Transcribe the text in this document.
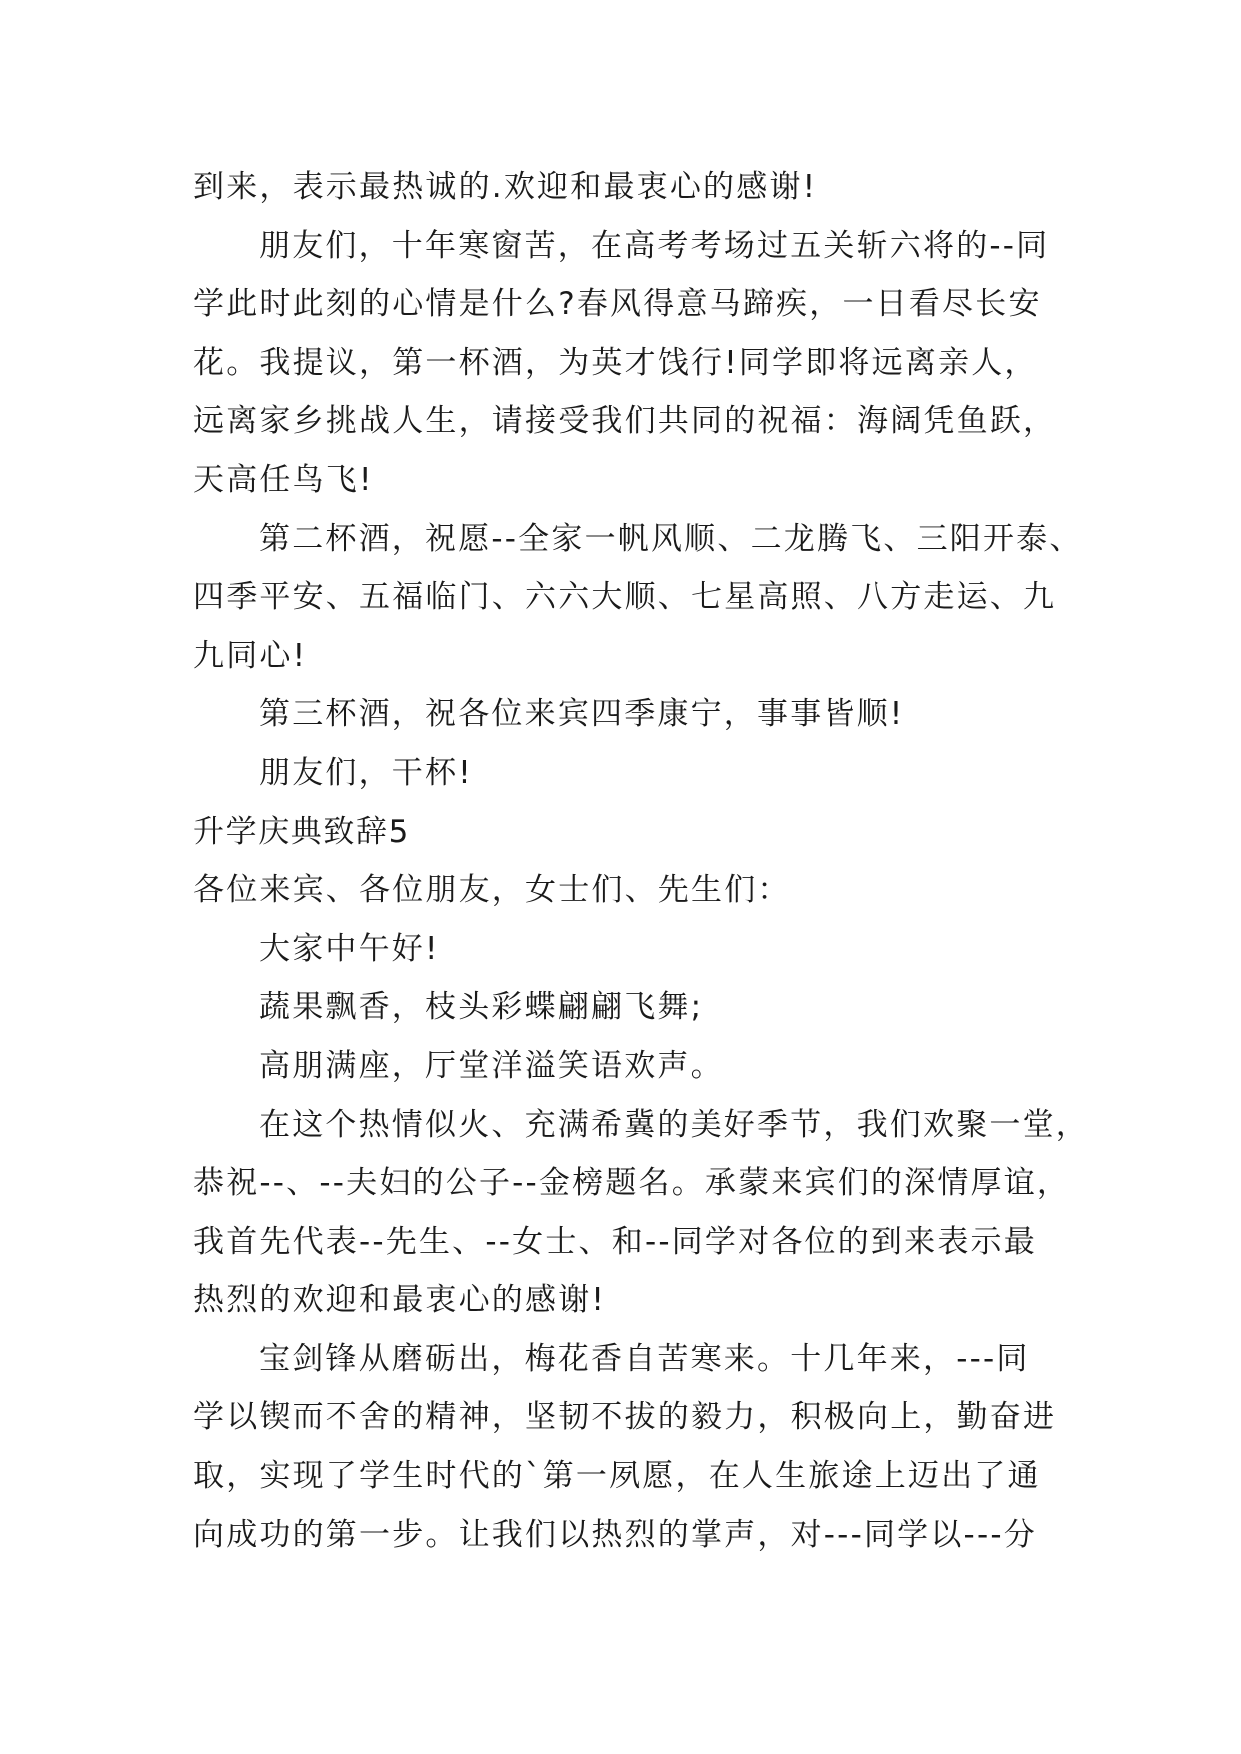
到来，表示最热诚的.欢迎和最衷心的感谢!
朋友们，十年寒窗苦，在高考考场过五关斩六将的--同
学此时此刻的心情是什么?春风得意马蹄疾，一日看尽长安
花。我提议，第一杯酒，为英才饯行!同学即将远离亲人，
远离家乡挑战人生，请接受我们共同的祝福：海阔凭鱼跃，
天高任鸟飞!
第二杯酒，祝愿--全家一帆风顺、二龙腾飞、三阳开泰、
四季平安、五福临门、六六大顺、七星高照、八方走运、九
九同心!
第三杯酒，祝各位来宾四季康宁，事事皆顺!
朋友们，干杯!
升学庆典致辞5
各位来宾、各位朋友，女士们、先生们：
大家中午好!
蔬果飘香，枝头彩蝶翩翩飞舞;
高朋满座，厅堂洋溢笑语欢声。
在这个热情似火、充满希冀的美好季节，我们欢聚一堂，
恭祝--、--夫妇的公子--金榜题名。承蒙来宾们的深情厚谊，
我首先代表--先生、--女士、和--同学对各位的到来表示最
热烈的欢迎和最衷心的感谢!
宝剑锋从磨砺出，梅花香自苦寒来。十几年来，---同
学以锲而不舍的精神，坚韧不拔的毅力，积极向上，勤奋进
取，实现了学生时代的`第一夙愿，在人生旅途上迈出了通
向成功的第一步。让我们以热烈的掌声，对---同学以---分
